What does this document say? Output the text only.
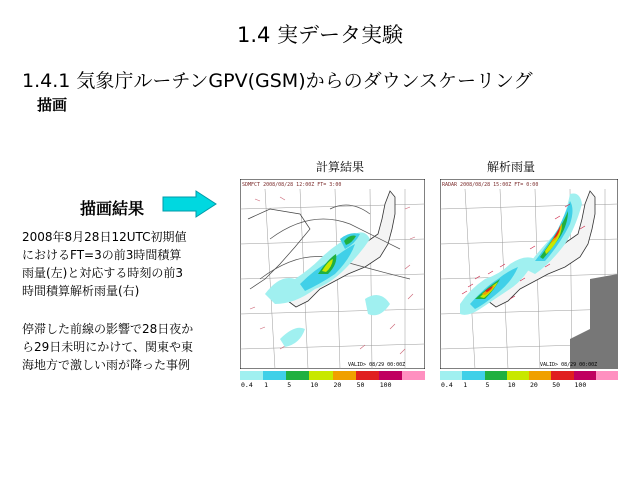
1.4 実データ実験
1.4.1 気象庁ルーチンGPV(GSM)からのダウンスケーリング
描画
描画結果
2008年8月28日12UTC初期値
におけるFT=3の前3時間積算
雨量(左)と対応する時刻の前3
時間積算解析雨量(右)
停滞した前線の影響で28日夜か
ら29日未明にかけて、関東や東
海地方で激しい雨が降った事例
計算結果	解析雨量
SDMFCT 2008/08/28 12:00Z FT= 3:00
VALID> 08/29 00:00Z
RADAR 2008/08/28 15:00Z FT= 0:00
VALID> 08/29 00:00Z
0.4 1	5	10 20 50 100	0.4 1	5	10 20 50 100
